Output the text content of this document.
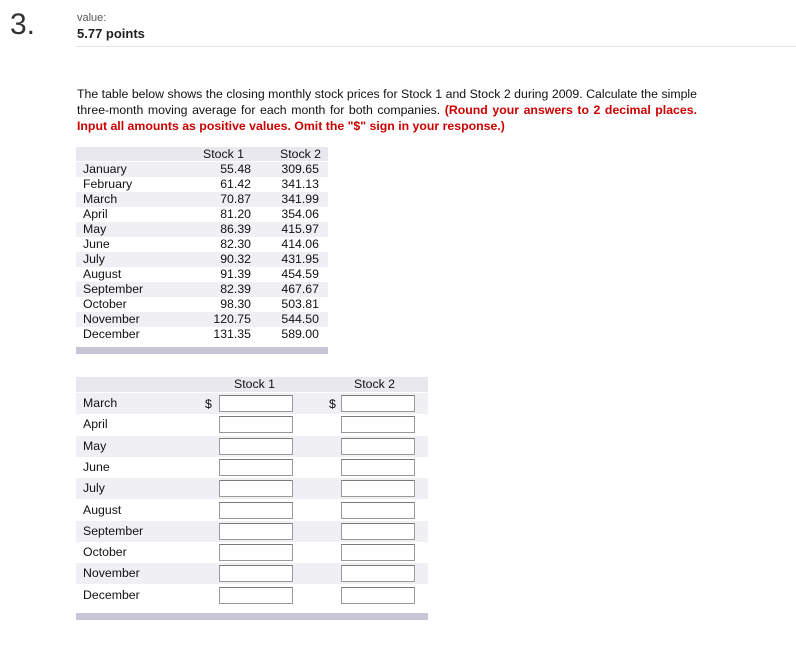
3.	value:
5.77 points
The table below shows the closing monthly stock prices for Stock 1 and Stock 2 during 2009. Calculate the simple three-month moving average for each month for both companies. (Round your answers to 2 decimal places. Input all amounts as positive values. Omit the "$" sign in your response.)
Stock 1	Stock 2
January	55.48	309.65
February	61.42	341.13
March	70.87	341.99
April	81.20	354.06
May	86.39	415.97
June	82.30	414.06
July	90.32	431.95
August	91.39	454.59
September	82.39	467.67
October	98.30	503.81
November	120.75	544.50
December	131.35	589.00
Stock 1	Stock 2
March	$	$
April
May
June
July
August
September
October
November
December
